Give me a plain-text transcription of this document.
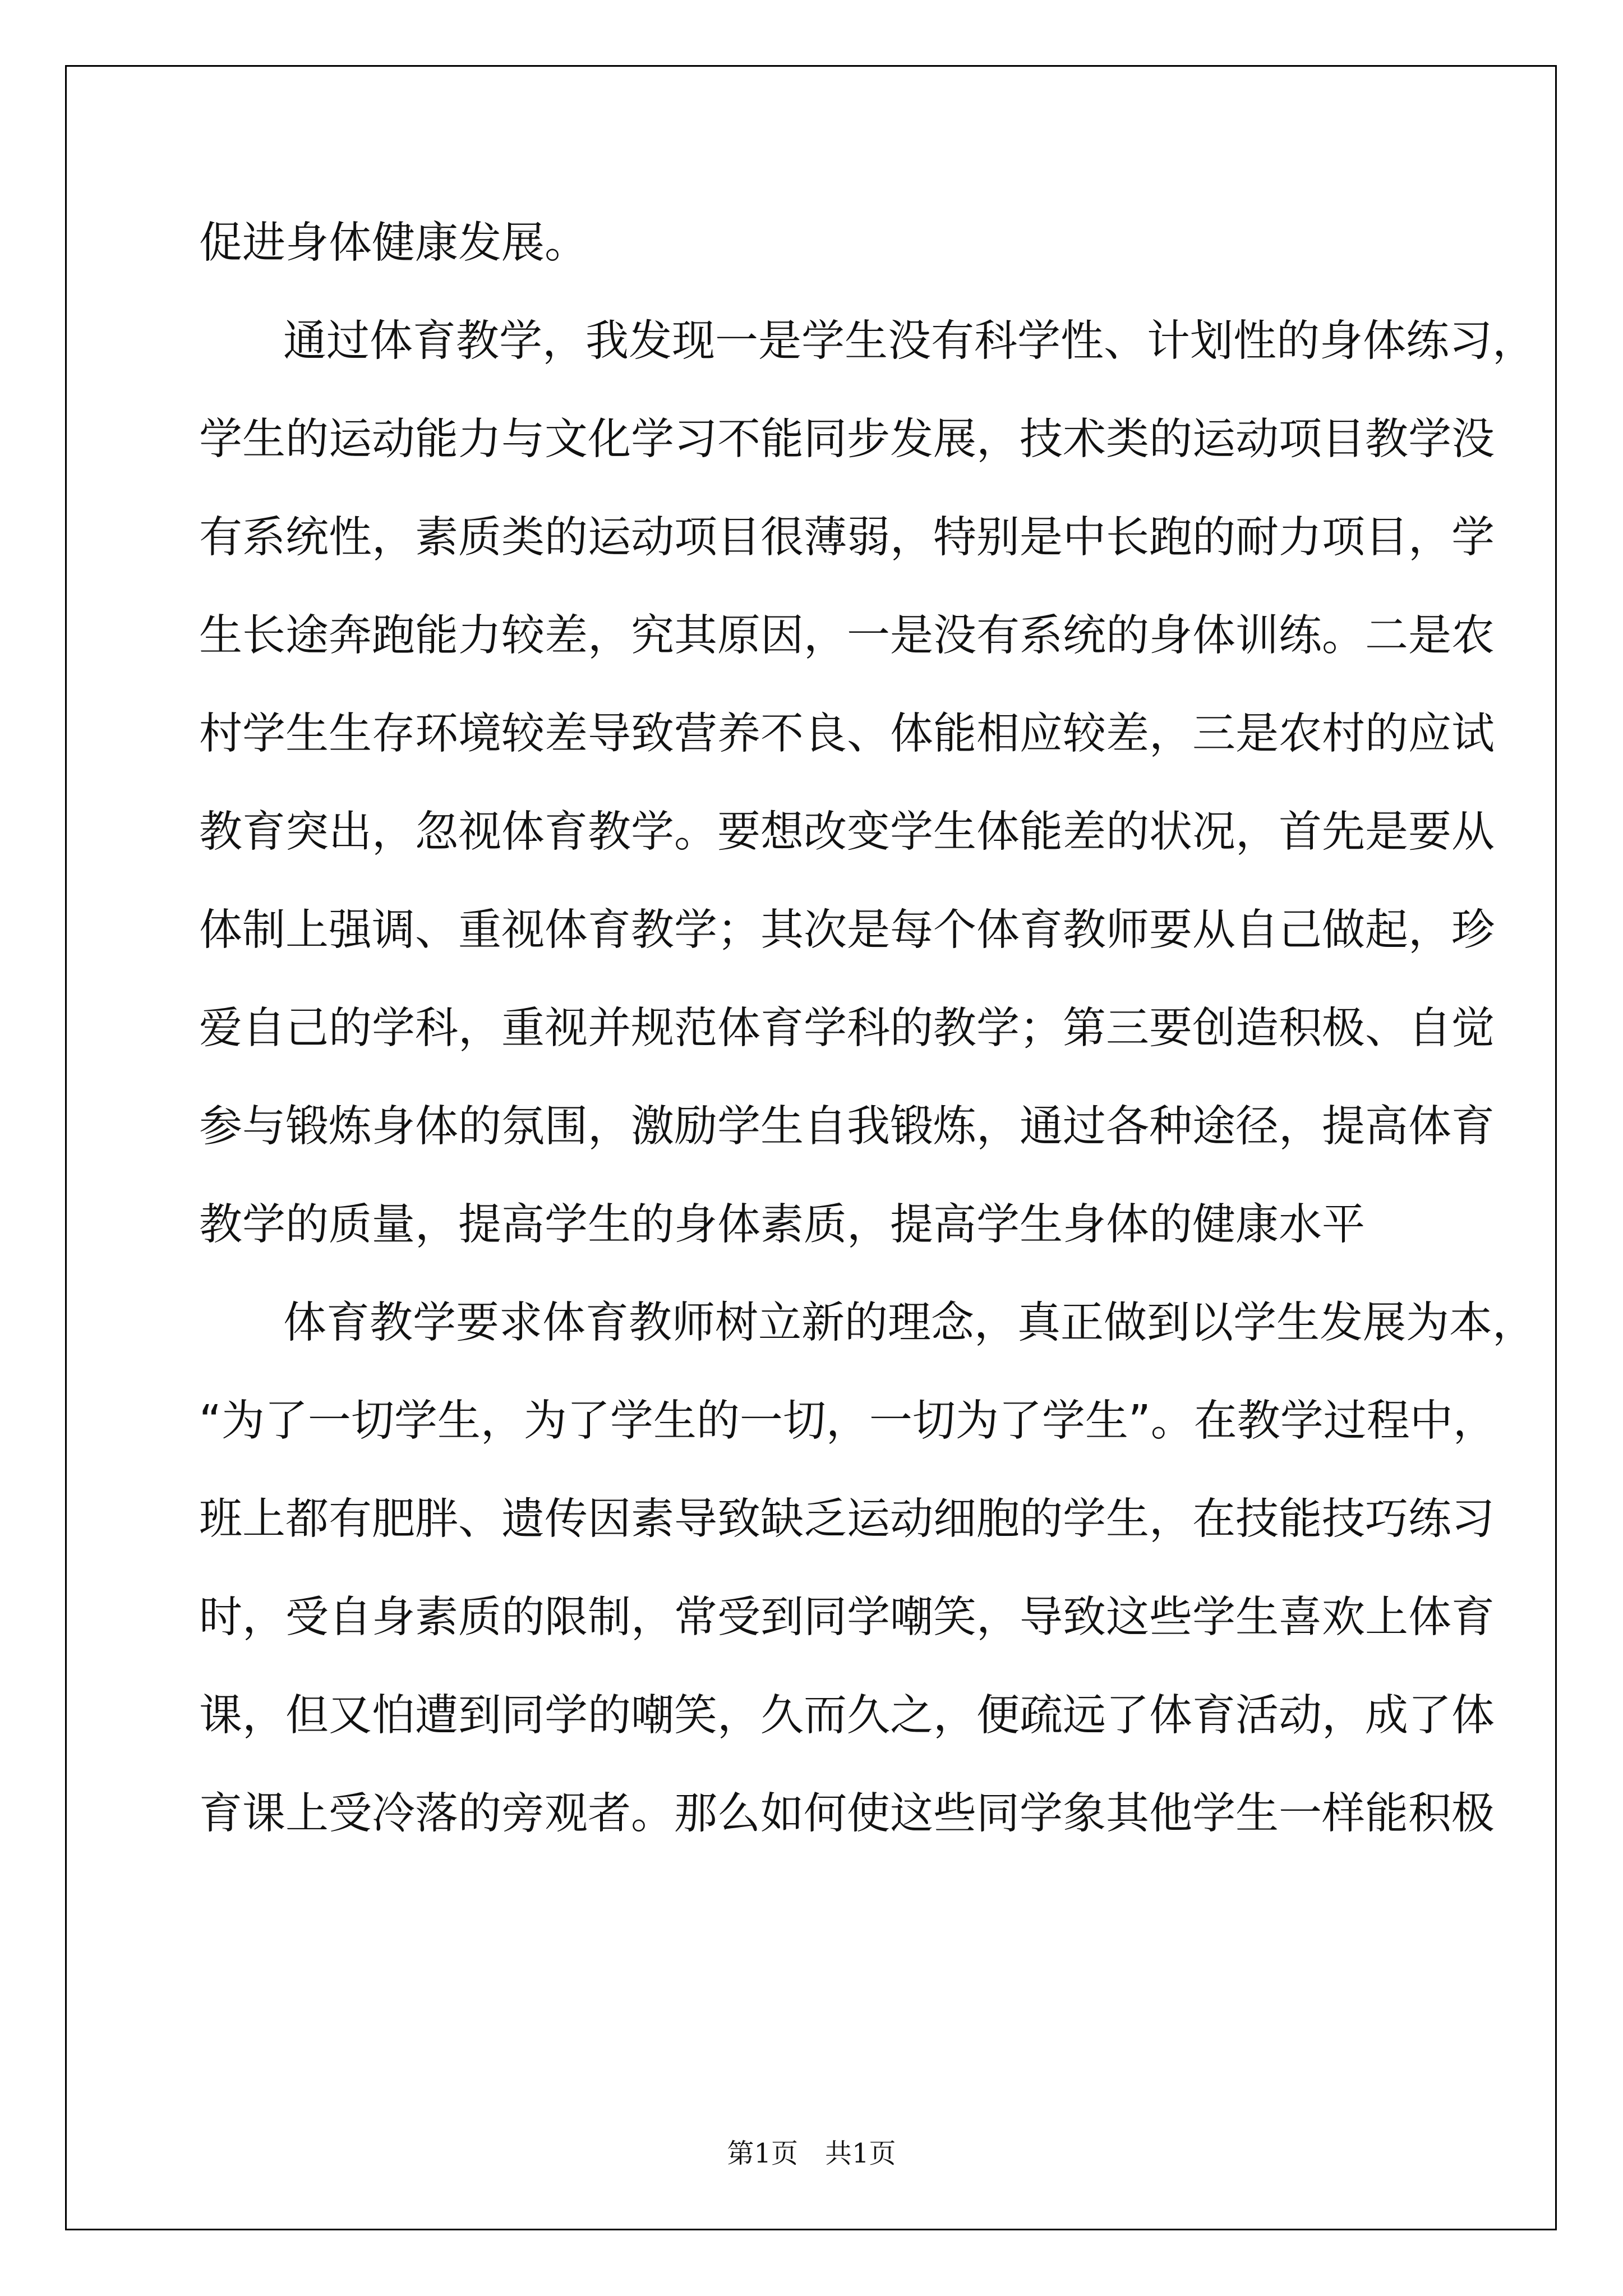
促进身体健康发展。
通过体育教学，我发现一是学生没有科学性、计划性的身体练习，
学生的运动能力与文化学习不能同步发展，技术类的运动项目教学没
有系统性，素质类的运动项目很薄弱，特别是中长跑的耐力项目，学
生长途奔跑能力较差，究其原因，一是没有系统的身体训练。二是农
村学生生存环境较差导致营养不良、体能相应较差，三是农村的应试
教育突出，忽视体育教学。要想改变学生体能差的状况，首先是要从
体制上强调、重视体育教学；其次是每个体育教师要从自己做起，珍
爱自己的学科，重视并规范体育学科的教学；第三要创造积极、自觉
参与锻炼身体的氛围，激励学生自我锻炼，通过各种途径，提高体育
教学的质量，提高学生的身体素质，提高学生身体的健康水平
体育教学要求体育教师树立新的理念，真正做到以学生发展为本，
“为了一切学生，为了学生的一切，一切为了学生”。在教学过程中，
班上都有肥胖、遗传因素导致缺乏运动细胞的学生，在技能技巧练习
时，受自身素质的限制，常受到同学嘲笑，导致这些学生喜欢上体育
课，但又怕遭到同学的嘲笑，久而久之，便疏远了体育活动，成了体
育课上受冷落的旁观者。那么如何使这些同学象其他学生一样能积极
第1页 共1页
